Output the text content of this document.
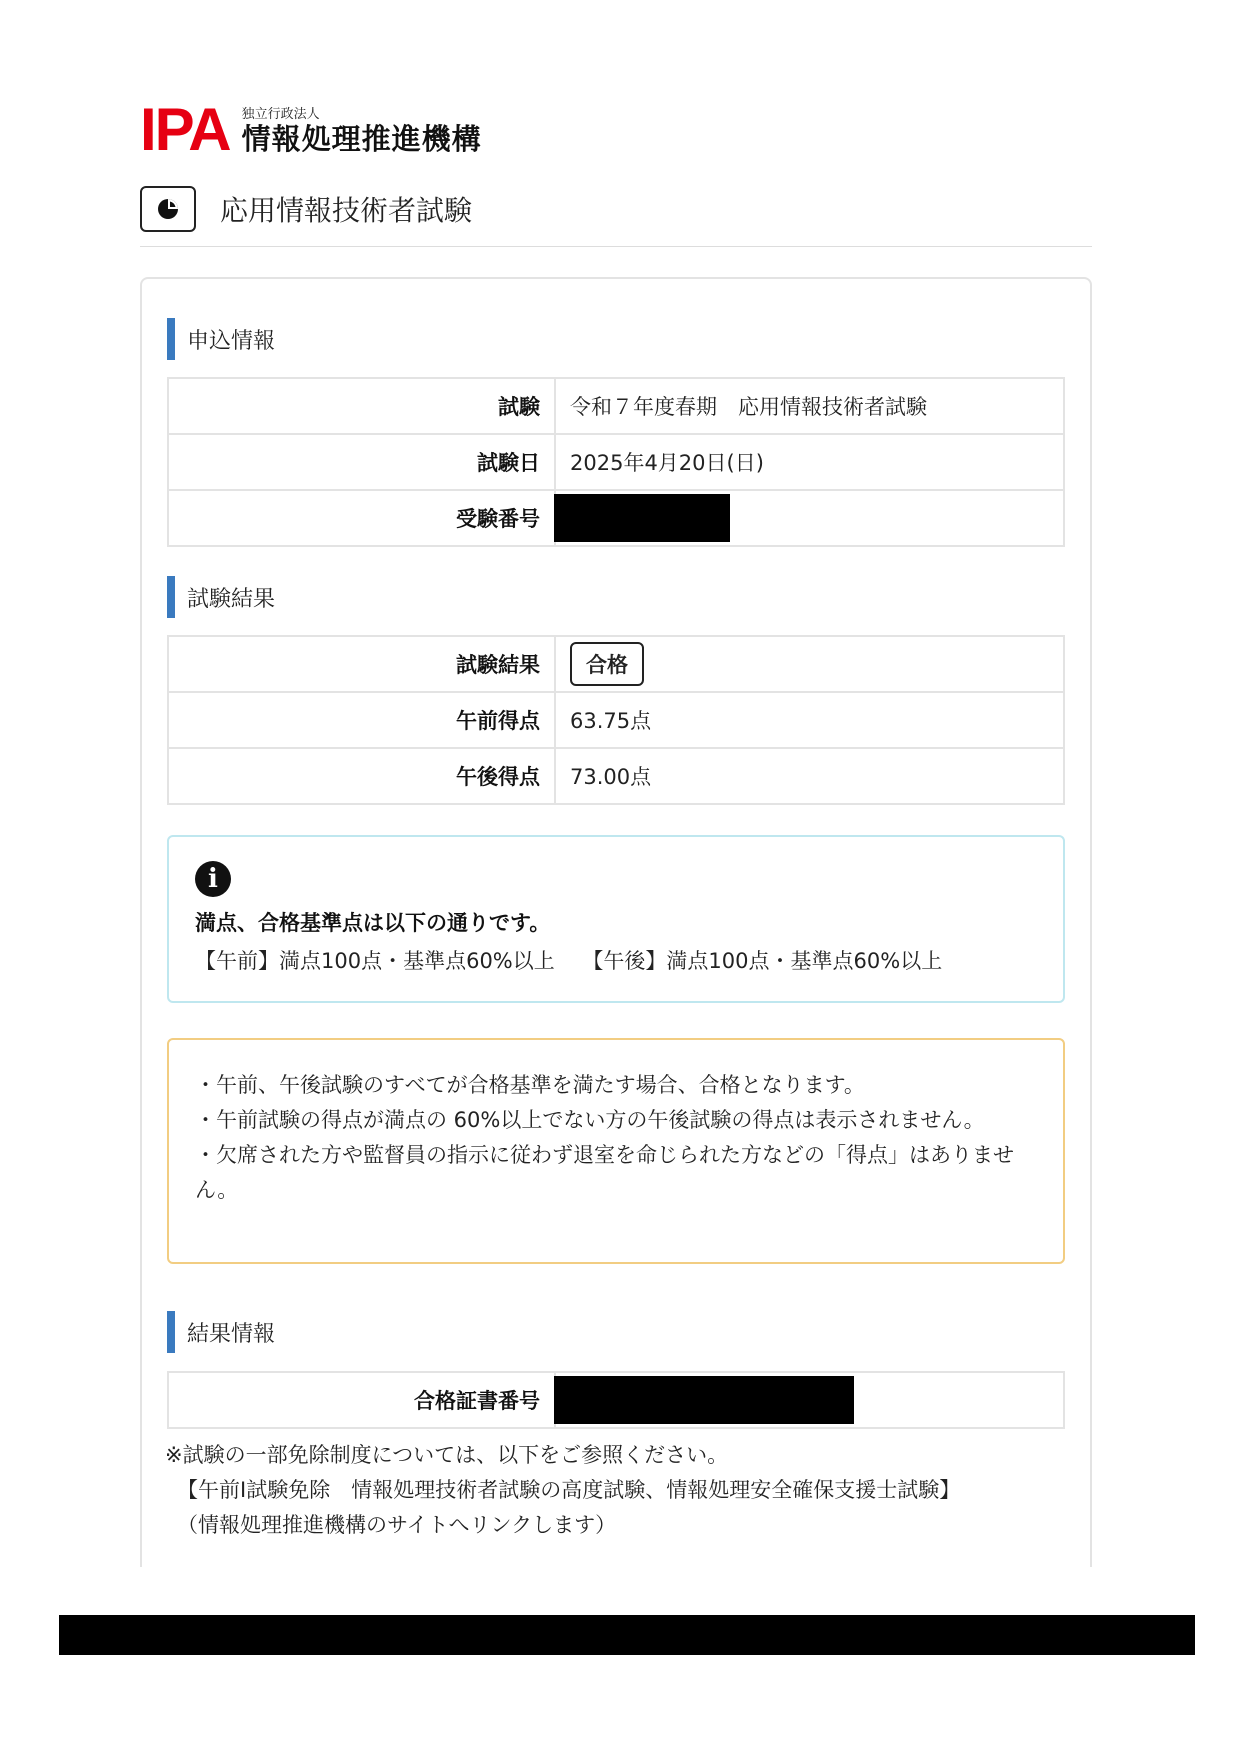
IPA 独立行政法人
情報処理推進機構
応用情報技術者試験
申込情報
試験	令和７年度春期　応用情報技術者試験
試験日	2025年4月20日(日)
受験番号	
試験結果
試験結果	合格
午前得点	63.75点
午後得点	73.00点
i
満点、合格基準点は以下の通りです。
【午前】満点100点・基準点60%以上　 【午後】満点100点・基準点60%以上

・午前、午後試験のすべてが合格基準を満たす場合、合格となります。

・午前試験の得点が満点の 60%以上でない方の午後試験の得点は表示されません。

・欠席された方や監督員の指示に従わず退室を命じられた方などの「得点」はありません。

結果情報
合格証書番号	
※試験の一部免除制度については、以下をご参照ください。
【午前I試験免除　情報処理技術者試験の高度試験、情報処理安全確保支援士試験】
（情報処理推進機構のサイトへリンクします）
